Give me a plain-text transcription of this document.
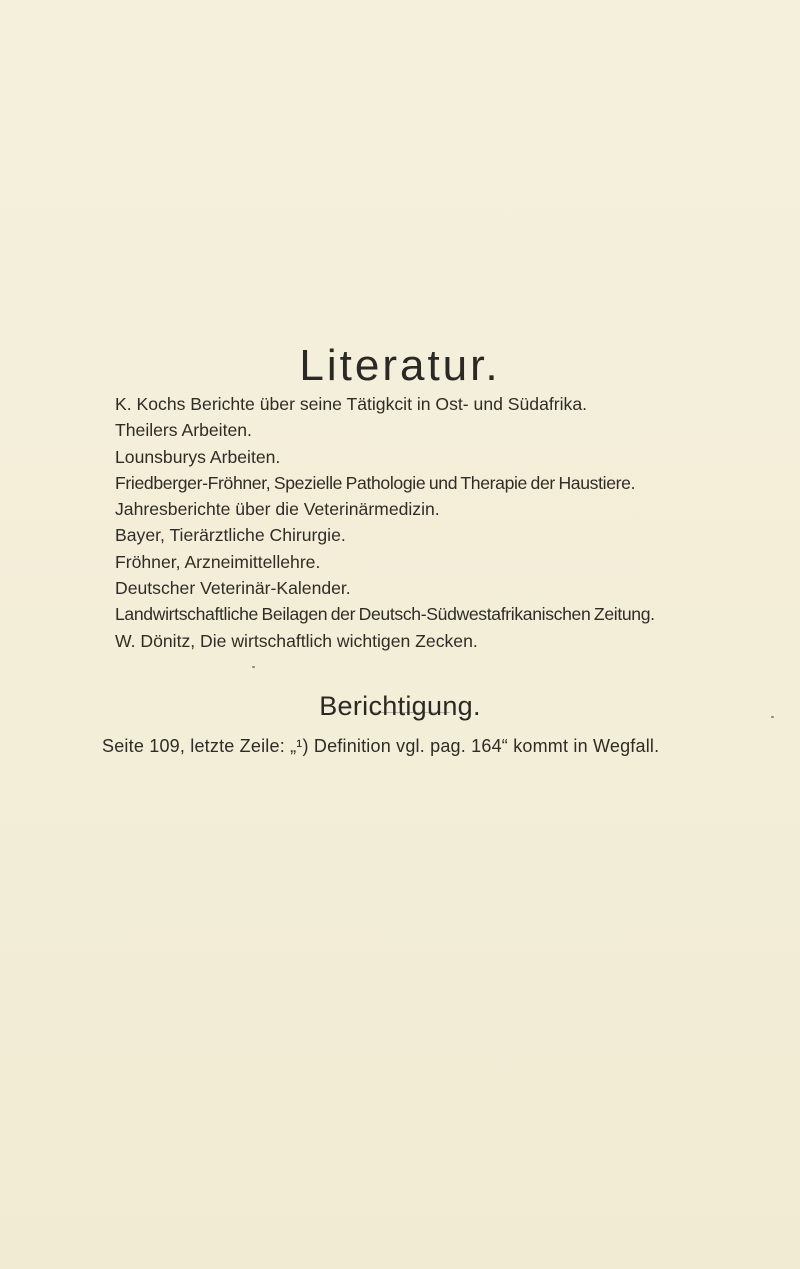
Literatur.
K. Kochs Berichte über seine Tätigkcit in Ost- und Südafrika.
Theilers Arbeiten.
Lounsburys Arbeiten.
Friedberger-Fröhner, Spezielle Pathologie und Therapie der Haustiere.
Jahresberichte über die Veterinärmedizin.
Bayer, Tierärztliche Chirurgie.
Fröhner, Arzneimittellehre.
Deutscher Veterinär-Kalender.
Landwirtschaftliche Beilagen der Deutsch-Südwestafrikanischen Zeitung.
W. Dönitz, Die wirtschaftlich wichtigen Zecken.
Berichtigung.

Seite 109, letzte Zeile: „¹) Definition vgl. pag. 164“ kommt in Wegfall.
